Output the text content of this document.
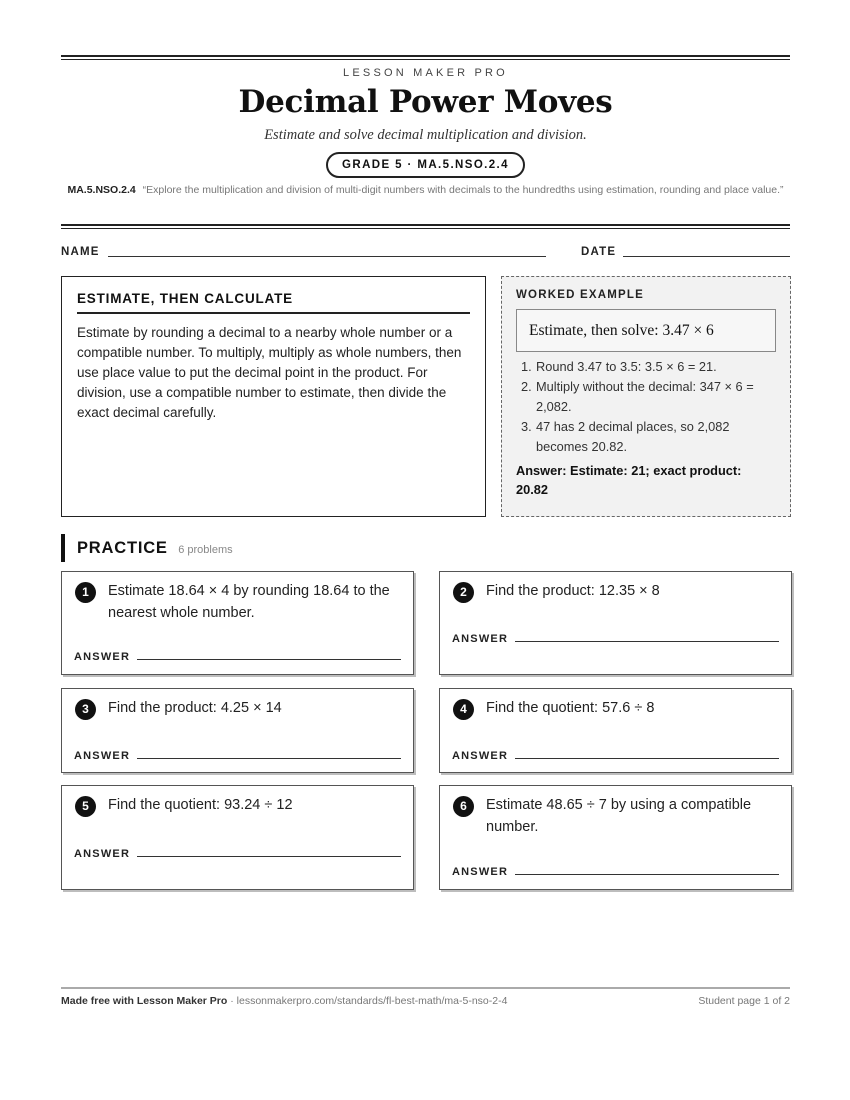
LESSON MAKER PRO
Decimal Power Moves
Estimate and solve decimal multiplication and division.
GRADE 5 · MA.5.NSO.2.4
MA.5.NSO.2.4 “Explore the multiplication and division of multi-digit numbers with decimals to the hundredths using estimation, rounding and place value.”
NAME	DATE
ESTIMATE, THEN CALCULATE

Estimate by rounding a decimal to a nearby whole number or a compatible number. To multiply, multiply as whole numbers, then use place value to put the decimal point in the product. For division, use a compatible number to estimate, then divide the exact decimal carefully.

WORKED EXAMPLE
Estimate, then solve: 3.47 × 6
1. Round 3.47 to 3.5: 3.5 × 6 = 21.
2. Multiply without the decimal: 347 × 6 = 2,082.
3. 47 has 2 decimal places, so 2,082 becomes 20.82.
Answer: Estimate: 21; exact product: 20.82
PRACTICE 6 problems
1	Estimate 18.64 × 4 by rounding 18.64 to the nearest whole number.
ANSWER
2	Find the product: 12.35 × 8
ANSWER
3	Find the product: 4.25 × 14
ANSWER
4	Find the quotient: 57.6 ÷ 8
ANSWER
5	Find the quotient: 93.24 ÷ 12
ANSWER
6	Estimate 48.65 ÷ 7 by using a compatible number.
ANSWER
Made free with Lesson Maker Pro · lessonmakerpro.com/standards/fl-best-math/ma-5-nso-2-4	Student page 1 of 2
